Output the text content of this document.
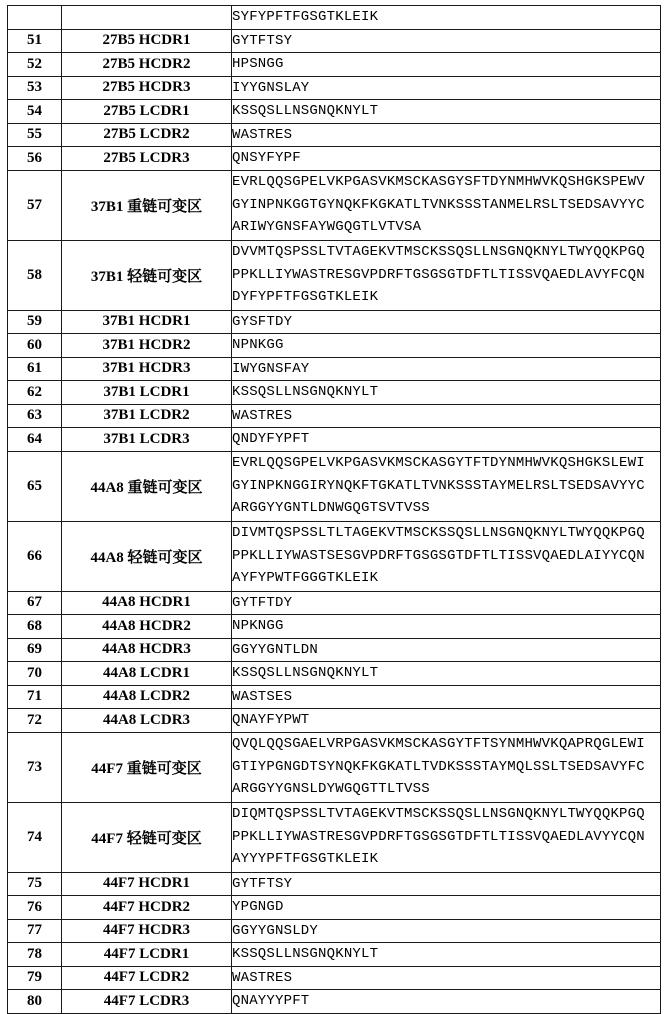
		SYFYPFTFGSGTKLEIK

51	27B5 HCDR1	GYTFTSY

52	27B5 HCDR2	HPSNGG

53	27B5 HCDR3	IYYGNSLAY

54	27B5 LCDR1	KSSQSLLNSGNQKNYLT

55	27B5 LCDR2	WASTRES

56	27B5 LCDR3	QNSYFYPF

57	37B1 重链可变区	EVRLQQSGPELVKPGASVKMSCKASGYSFTDYNMHWVKQSHGKSPEWV
GYINPNKGGTGYNQKFKGKATLTVNKSSSTANMELRSLTSEDSAVYYC
ARIWYGNSFAYWGQGTLVTVSA

58	37B1 轻链可变区	DVVMTQSPSSLTVTAGEKVTMSCKSSQSLLNSGNQKNYLTWYQQKPGQ
PPKLLIYWASTRESGVPDRFTGSGSGTDFTLTISSVQAEDLAVYFCQN
DYFYPFTFGSGTKLEIK

59	37B1 HCDR1	GYSFTDY

60	37B1 HCDR2	NPNKGG

61	37B1 HCDR3	IWYGNSFAY

62	37B1 LCDR1	KSSQSLLNSGNQKNYLT

63	37B1 LCDR2	WASTRES

64	37B1 LCDR3	QNDYFYPFT

65	44A8 重链可变区	EVRLQQSGPELVKPGASVKMSCKASGYTFTDYNMHWVKQSHGKSLEWI
GYINPKNGGIRYNQKFTGKATLTVNKSSSTAYMELRSLTSEDSAVYYC
ARGGYYGNTLDNWGQGTSVTVSS

66	44A8 轻链可变区	DIVMTQSPSSLTLTAGEKVTMSCKSSQSLLNSGNQKNYLTWYQQKPGQ
PPKLLIYWASTSESGVPDRFTGSGSGTDFTLTISSVQAEDLAIYYCQN
AYFYPWTFGGGTKLEIK

67	44A8 HCDR1	GYTFTDY

68	44A8 HCDR2	NPKNGG

69	44A8 HCDR3	GGYYGNTLDN

70	44A8 LCDR1	KSSQSLLNSGNQKNYLT

71	44A8 LCDR2	WASTSES

72	44A8 LCDR3	QNAYFYPWT

73	44F7 重链可变区	QVQLQQSGAELVRPGASVKMSCKASGYTFTSYNMHWVKQAPRQGLEWI
GTIYPGNGDTSYNQKFKGKATLTVDKSSSTAYMQLSSLTSEDSAVYFC
ARGGYYGNSLDYWGQGTTLTVSS

74	44F7 轻链可变区	DIQMTQSPSSLTVTAGEKVTMSCKSSQSLLNSGNQKNYLTWYQQKPGQ
PPKLLIYWASTRESGVPDRFTGSGSGTDFTLTISSVQAEDLAVYYCQN
AYYYPFTFGSGTKLEIK

75	44F7 HCDR1	GYTFTSY

76	44F7 HCDR2	YPGNGD

77	44F7 HCDR3	GGYYGNSLDY

78	44F7 LCDR1	KSSQSLLNSGNQKNYLT

79	44F7 LCDR2	WASTRES

80	44F7 LCDR3	QNAYYYPFT
